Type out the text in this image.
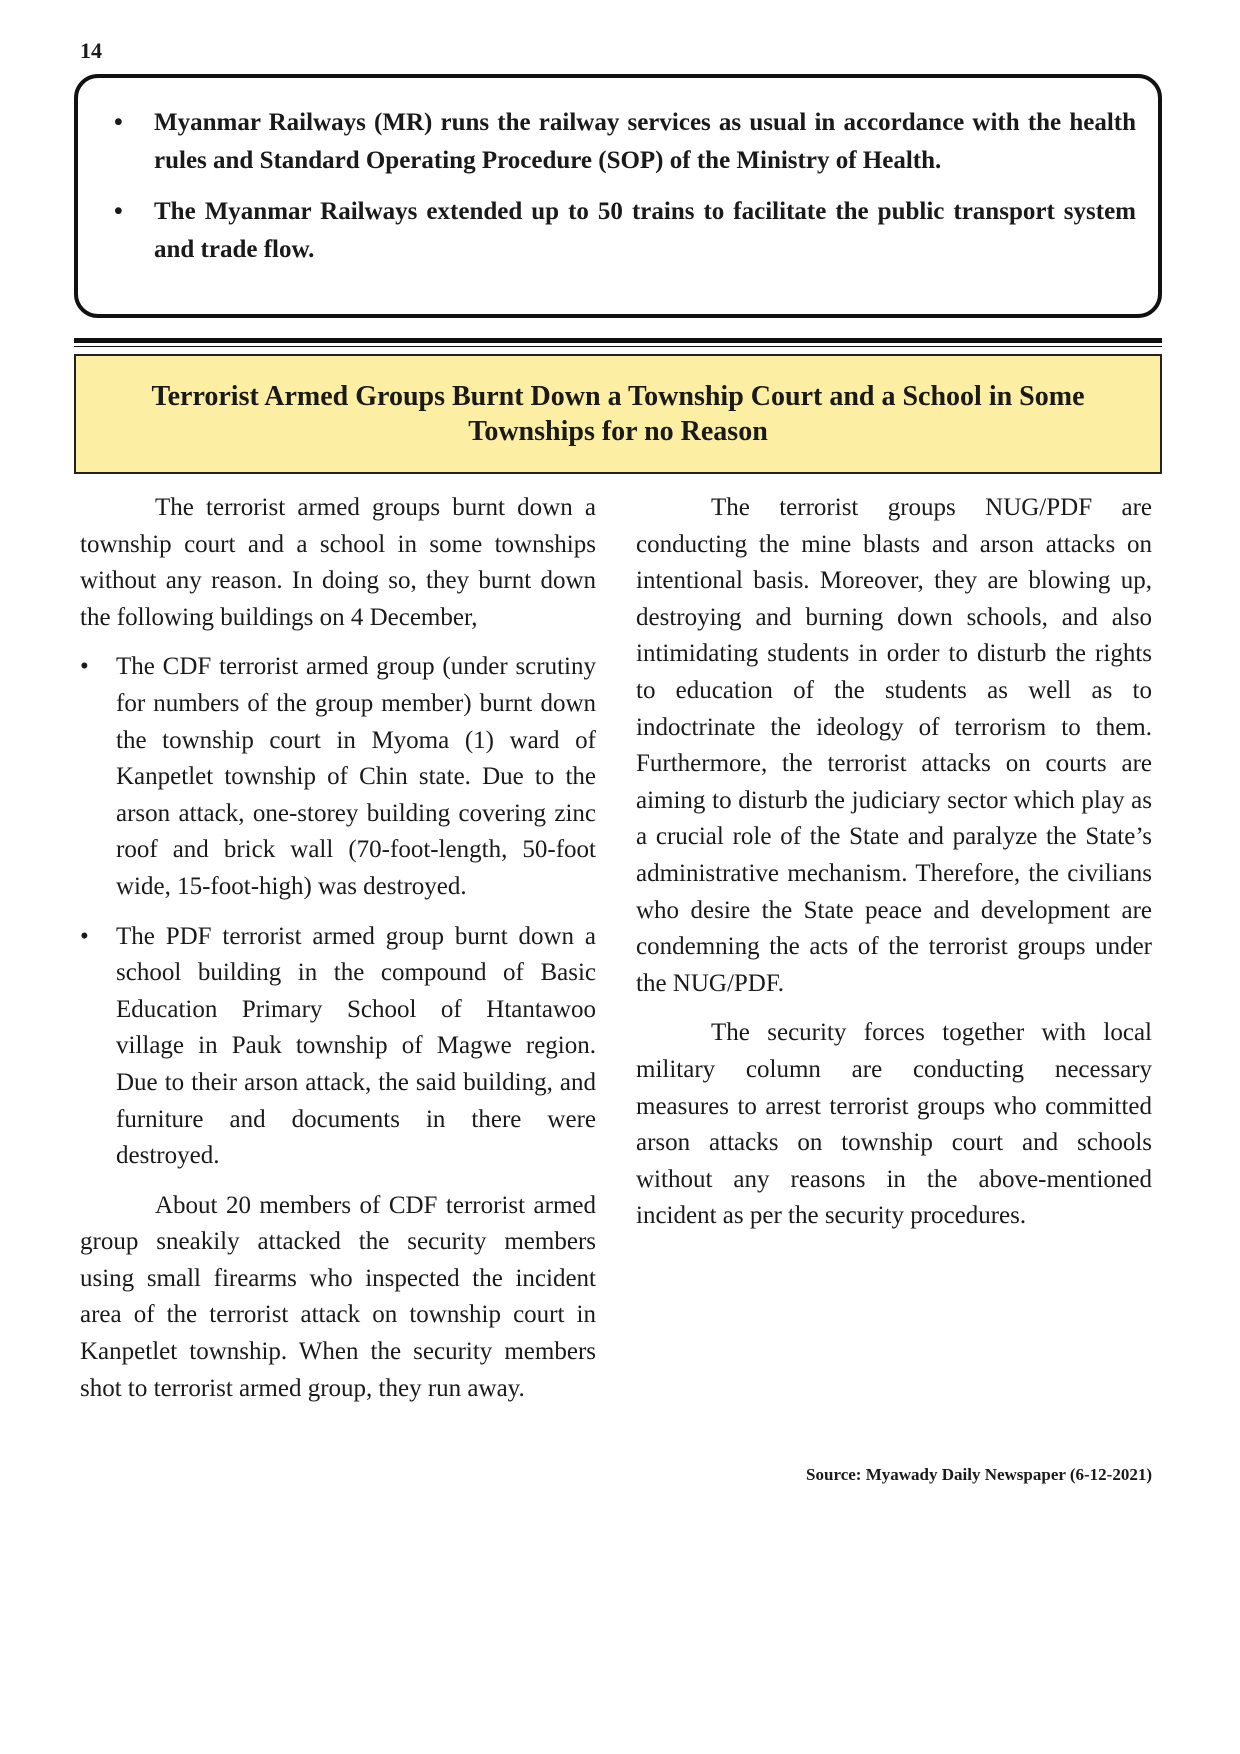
14
• Myanmar Railways (MR) runs the railway services as usual in accordance with the health rules and Standard Operating Procedure (SOP) of the Ministry of Health.
• The Myanmar Railways extended up to 50 trains to facilitate the public transport system and trade flow.
Terrorist Armed Groups Burnt Down a Township Court and a School in Some Townships for no Reason

The terrorist armed groups burnt down a township court and a school in some townships without any reason. In doing so, they burnt down the following buildings on 4 December,

• The CDF terrorist armed group (under scrutiny for numbers of the group member) burnt down the township court in Myoma (1) ward of Kanpetlet township of Chin state. Due to the arson attack, one-storey building covering zinc roof and brick wall (70-foot-length, 50-foot wide, 15-foot-high) was destroyed.
• The PDF terrorist armed group burnt down a school building in the compound of Basic Education Primary School of Htantawoo village in Pauk township of Magwe region. Due to their arson attack, the said building, and furniture and documents in there were destroyed.

About 20 members of CDF terrorist armed group sneakily attacked the security members using small firearms who inspected the incident area of the terrorist attack on township court in Kanpetlet township. When the security members shot to terrorist armed group, they run away.

The terrorist groups NUG/PDF are conducting the mine blasts and arson attacks on intentional basis. Moreover, they are blowing up, destroying and burning down schools, and also intimidating students in order to disturb the rights to education of the students as well as to indoctrinate the ideology of terrorism to them. Furthermore, the terrorist attacks on courts are aiming to disturb the judiciary sector which play as a crucial role of the State and paralyze the State’s administrative mechanism. Therefore, the civilians who desire the State peace and development are condemning the acts of the terrorist groups under the NUG/PDF.

The security forces together with local military column are conducting necessary measures to arrest terrorist groups who committed arson attacks on township court and schools without any reasons in the above-mentioned incident as per the security procedures.

Source: Myawady Daily Newspaper (6-12-2021)
